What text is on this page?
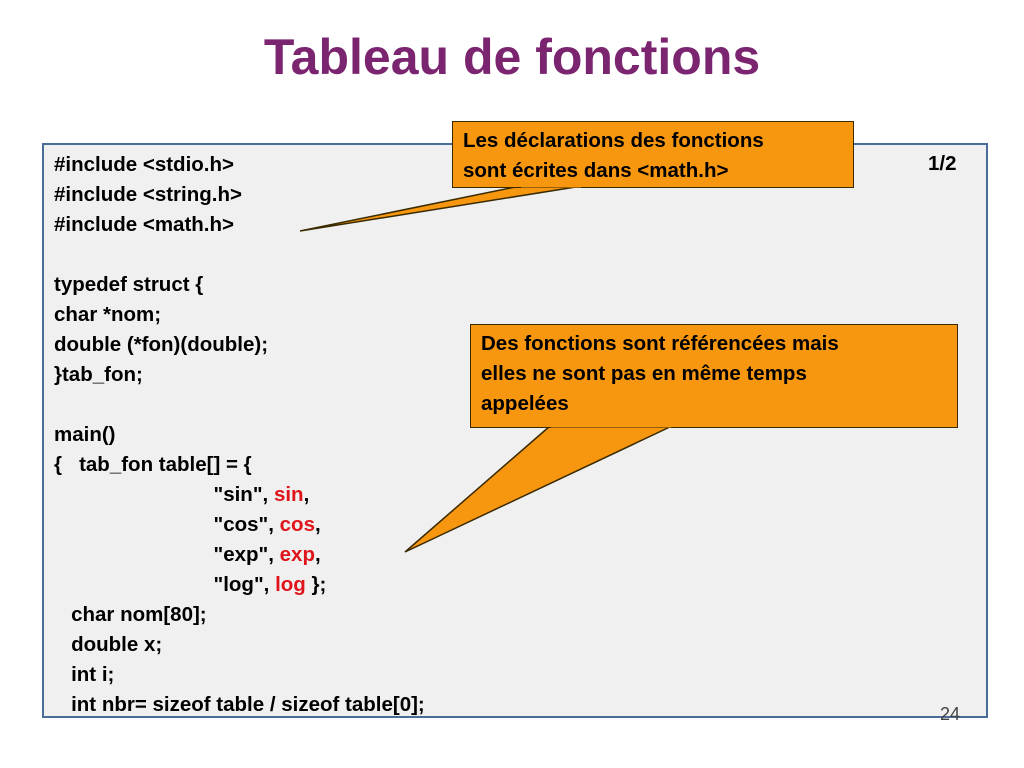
Tableau de fonctions
1/2
#include <stdio.h>
#include <string.h>
#include <math.h>

typedef struct {
char *nom;
double (*fon)(double);
}tab_fon;

main()
{   tab_fon table[] = {
"sin", sin,
"cos", cos,
"exp", exp,
"log", log };
char nom[80];
double x;
int i;
int nbr= sizeof table / sizeof table[0];	24
Les déclarations des fonctions
sont écrites dans <math.h>
Des fonctions sont référencées mais
elles ne sont pas en même temps
appelées
